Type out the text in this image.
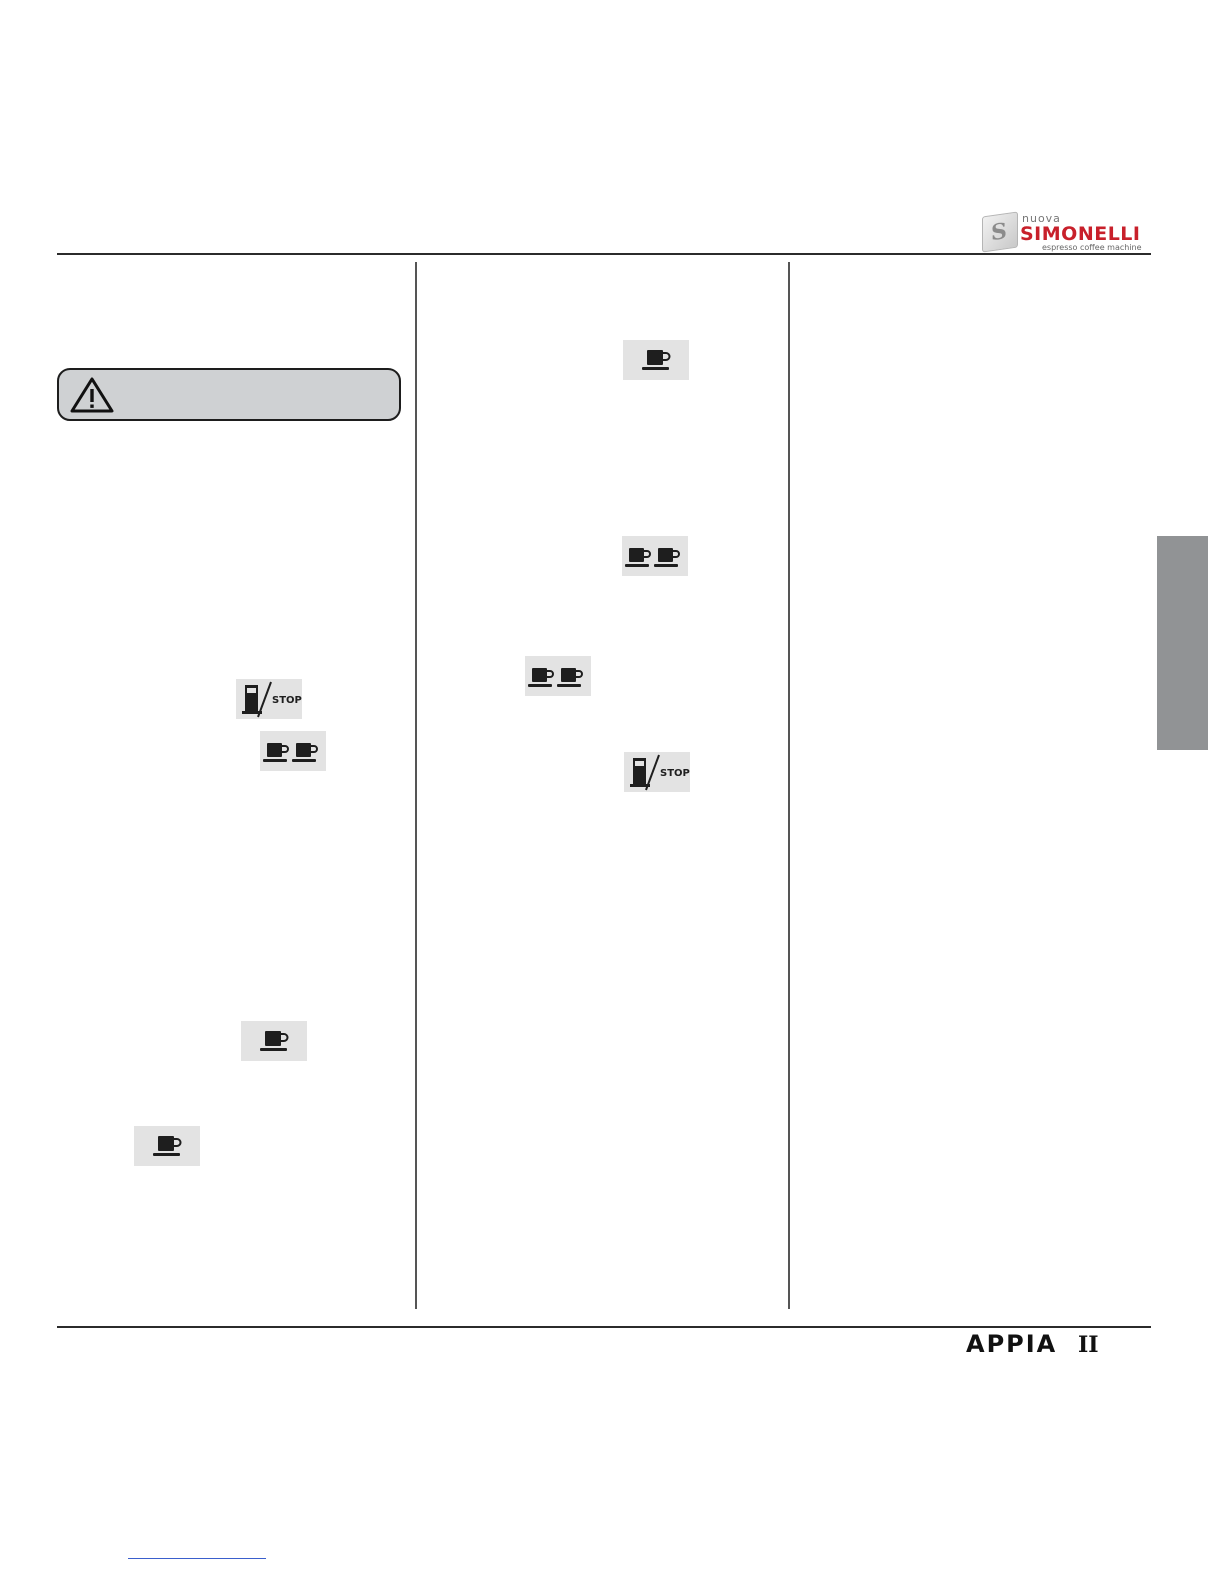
S nuova
SIMONELLI
espresso coffee machine
STOP
STOP
APPIA II
